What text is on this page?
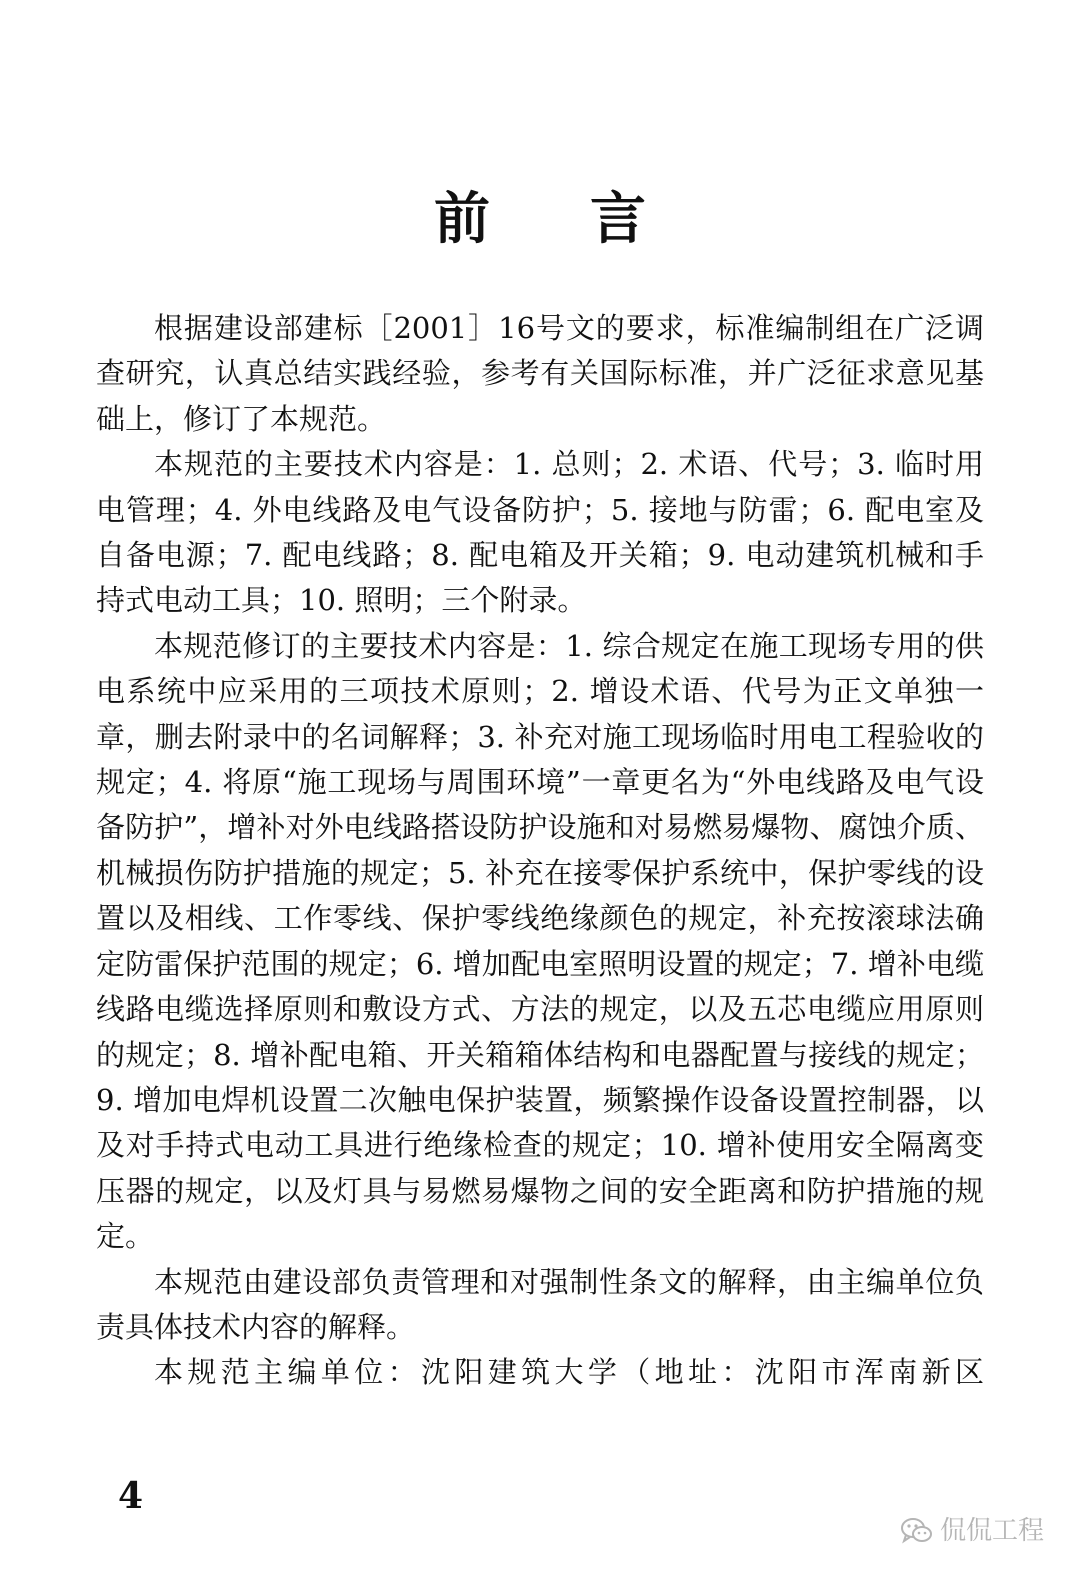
前言

根据建设部建标［2001］16号文的要求，标准编制组在广泛调查研究，认真总结实践经验，参考有关国际标准，并广泛征求意见基础上，修订了本规范。

本规范的主要技术内容是：1. 总则；2. 术语、代号；3. 临时用电管理；4. 外电线路及电气设备防护；5. 接地与防雷；6. 配电室及自备电源；7. 配电线路；8. 配电箱及开关箱；9. 电动建筑机械和手持式电动工具；10. 照明；三个附录。

本规范修订的主要技术内容是：1. 综合规定在施工现场专用的供电系统中应采用的三项技术原则；2. 增设术语、代号为正文单独一章，删去附录中的名词解释；3. 补充对施工现场临时用电工程验收的规定；4. 将原“施工现场与周围环境”一章更名为“外电线路及电气设备防护”，增补对外电线路搭设防护设施和对易燃易爆物、腐蚀介质、机械损伤防护措施的规定；5. 补充在接零保护系统中，保护零线的设置以及相线、工作零线、保护零线绝缘颜色的规定，补充按滚球法确定防雷保护范围的规定；6. 增加配电室照明设置的规定；7. 增补电缆线路电缆选择原则和敷设方式、方法的规定，以及五芯电缆应用原则的规定；8. 增补配电箱、开关箱箱体结构和电器配置与接线的规定；9. 增加电焊机设置二次触电保护装置，频繁操作设备设置控制器，以及对手持式电动工具进行绝缘检查的规定；10. 增补使用安全隔离变压器的规定，以及灯具与易燃易爆物之间的安全距离和防护措施的规定。

本规范由建设部负责管理和对强制性条文的解释，由主编单位负责具体技术内容的解释。

本规范主编单位：沈阳建筑大学（地址：沈阳市浑南新区

4
侃侃工程
